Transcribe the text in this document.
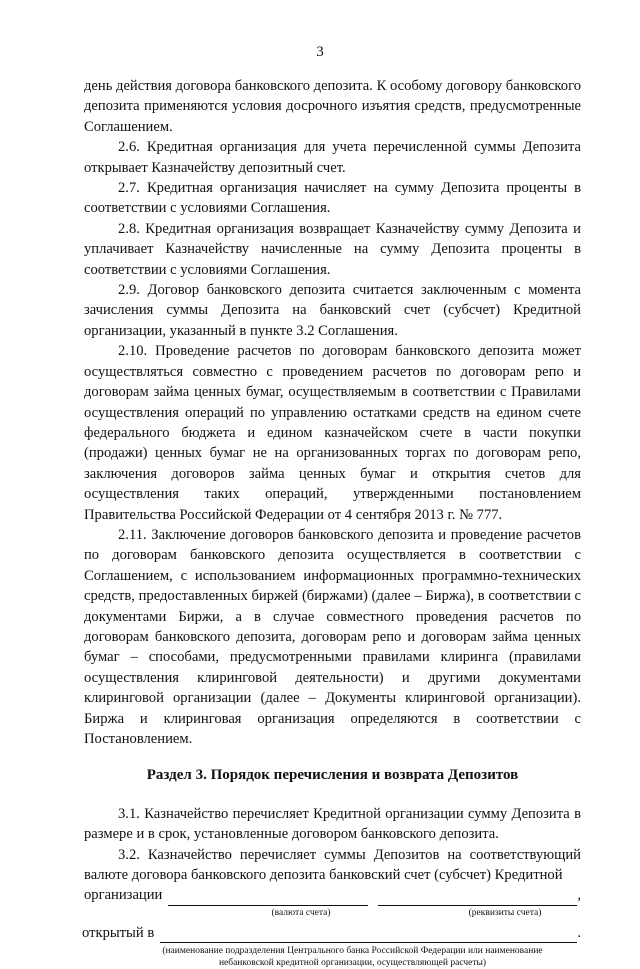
3

день действия договора банковского депозита. К особому договору банковского депозита применяются условия досрочного изъятия средств, предусмотренные Соглашением.

2.6. Кредитная организация для учета перечисленной суммы Депозита открывает Казначейству депозитный счет.

2.7. Кредитная организация начисляет на сумму Депозита проценты в соответствии с условиями Соглашения.

2.8. Кредитная организация возвращает Казначейству сумму Депозита и уплачивает Казначейству начисленные на сумму Депозита проценты в соответствии с условиями Соглашения.

2.9. Договор банковского депозита считается заключенным с момента зачисления суммы Депозита на банковский счет (субсчет) Кредитной организации, указанный в пункте 3.2 Соглашения.

2.10. Проведение расчетов по договорам банковского депозита может осуществляться совместно с проведением расчетов по договорам репо и договорам займа ценных бумаг, осуществляемым в соответствии с Правилами осуществления операций по управлению остатками средств на едином счете федерального бюджета и едином казначейском счете в части покупки (продажи) ценных бумаг не на организованных торгах по договорам репо, заключения договоров займа ценных бумаг и открытия счетов для осуществления таких операций, утвержденными постановлением Правительства Российской Федерации от 4 сентября 2013 г. № 777.

2.11. Заключение договоров банковского депозита и проведение расчетов по договорам банковского депозита осуществляется в соответствии с Соглашением, с использованием информационных программно-технических средств, предоставленных биржей (биржами) (далее – Биржа), в соответствии с документами Биржи, а в случае совместного проведения расчетов по договорам банковского депозита, договорам репо и договорам займа ценных бумаг – способами, предусмотренными правилами клиринга (правилами осуществления клиринговой деятельности) и другими документами клиринговой организации (далее – Документы клиринговой организации). Биржа и клиринговая организация определяются в соответствии с Постановлением.

Раздел 3. Порядок перечисления и возврата Депозитов

3.1. Казначейство перечисляет Кредитной организации сумму Депозита в размере и в срок, установленные договором банковского депозита.

3.2. Казначейство перечисляет суммы Депозитов на соответствующий валюте договора банковского депозита банковский счет (субсчет) Кредитной

организации	,
(валюта счета)	(реквизиты счета)
открытый в	.
(наименование подразделения Центрального банка Российской Федерации или наименование
небанковской кредитной организации, осуществляющей расчеты)
